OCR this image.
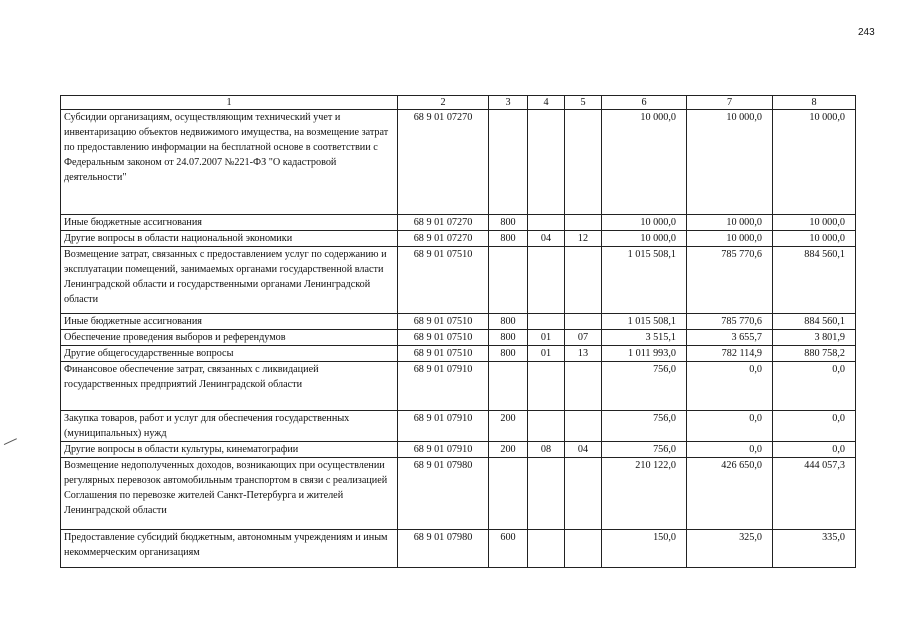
243
1	2	3	4	5	6	7	8
Субсидии организациям, осуществляющим технический учет и инвентаризацию объектов недвижимого имущества, на возмещение затрат по предоставлению информации на бесплатной основе в соответствии с Федеральным законом от 24.07.2007 №221-ФЗ "О кадастровой деятельности"	68 9 01 07270				10 000,0	10 000,0	10 000,0
Иные бюджетные ассигнования	68 9 01 07270	800			10 000,0	10 000,0	10 000,0
Другие вопросы в области национальной экономики	68 9 01 07270	800	04	12	10 000,0	10 000,0	10 000,0
Возмещение затрат, связанных с предоставлением услуг по содержанию и эксплуатации помещений, занимаемых органами государственной власти Ленинградской области и государственными органами Ленинградской области	68 9 01 07510				1 015 508,1	785 770,6	884 560,1
Иные бюджетные ассигнования	68 9 01 07510	800			1 015 508,1	785 770,6	884 560,1
Обеспечение проведения выборов и референдумов	68 9 01 07510	800	01	07	3 515,1	3 655,7	3 801,9
Другие общегосударственные вопросы	68 9 01 07510	800	01	13	1 011 993,0	782 114,9	880 758,2
Финансовое обеспечение затрат, связанных с ликвидацией государственных предприятий Ленинградской области	68 9 01 07910				756,0	0,0	0,0
Закупка товаров, работ и услуг для обеспечения государственных (муниципальных) нужд	68 9 01 07910	200			756,0	0,0	0,0
Другие вопросы в области культуры, кинематографии	68 9 01 07910	200	08	04	756,0	0,0	0,0
Возмещение недополученных доходов, возникающих при осуществлении регулярных перевозок автомобильным транспортом в связи с реализацией Соглашения по перевозке жителей Санкт-Петербурга и жителей Ленинградской области	68 9 01 07980				210 122,0	426 650,0	444 057,3
Предоставление субсидий бюджетным, автономным учреждениям и иным некоммерческим организациям	68 9 01 07980	600			150,0	325,0	335,0
